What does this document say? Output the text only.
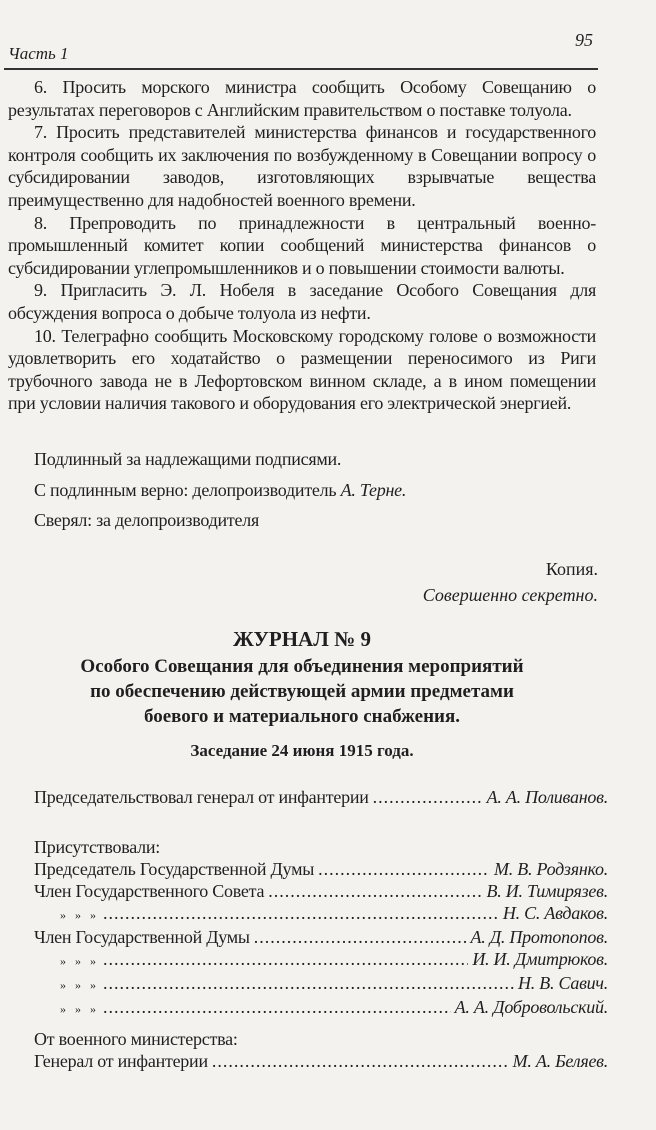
Часть 1
95

6. Просить морского министра сообщить Особому Совещанию о результатах переговоров с Английским правительством о поставке толуола.

7. Просить представителей министерства финансов и государственного контроля сообщить их заключения по возбужденному в Совещании вопросу о субсидировании заводов, изготовляющих взрывчатые вещества преимущественно для надобностей военного времени.

8. Препроводить по принадлежности в центральный военно-промышленный комитет копии сообщений министерства финансов о субсидировании углепромышленников и о повышении стоимости валюты.

9. Пригласить Э. Л. Нобеля в заседание Особого Совещания для обсуждения вопроса о добыче толуола из нефти.

10. Телеграфно сообщить Московскому городскому голове о возможности удовлетворить его ходатайство о размещении переносимого из Риги трубочного завода не в Лефортовском винном складе, а в ином помещении при условии наличия такового и оборудования его электрической энергией.

Подлинный за надлежащими подписями.
С подлинным верно: делопроизводитель А. Терне.
Сверял: за делопроизводителя
Копия.
Совершенно секретно.
ЖУРНАЛ № 9
Особого Совещания для объединения мероприятий
по обеспечению действующей армии предметами
боевого и материального снабжения.
Заседание 24 июня 1915 года.
Председательствовал генерал от инфантерии .....	А. А. Поливанов.
Присутствовали:
Председатель Государственной Думы .....	М. В. Родзянко.
Член Государственного Совета .....	В. И. Тимирязев.
» » » .....	Н. С. Авдаков.
Член Государственной Думы .....	А. Д. Протопопов.
» » » .....	И. И. Дмитрюков.
» » » .....	Н. В. Савич.
» » » .....	А. А. Добровольский.
От военного министерства:
Генерал от инфантерии .....	М. А. Беляев.
